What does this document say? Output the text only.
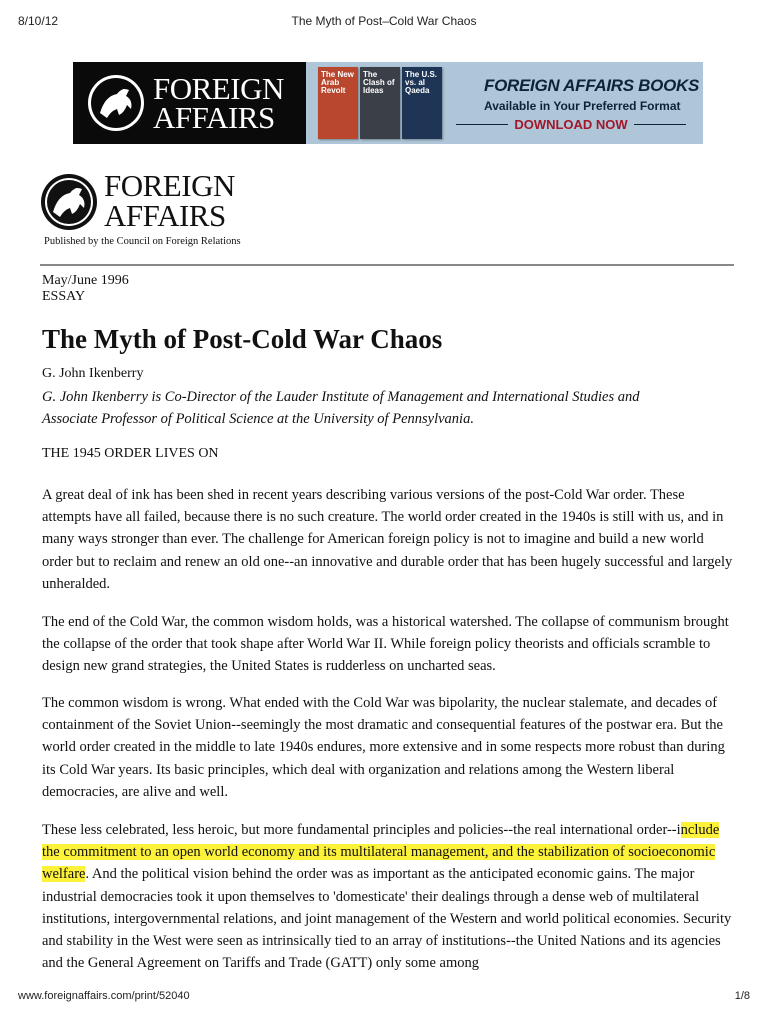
8/10/12	The Myth of Post–Cold War Chaos
FOREIGN
AFFAIRS
The New Arab Revolt
The Clash of Ideas
The U.S. vs. al Qaeda	FOREIGN AFFAIRS BOOKS
Available in Your Preferred Format
DOWNLOAD NOW
FOREIGN
AFFAIRS
Published by the Council on Foreign Relations
May/June 1996
ESSAY
The Myth of Post-Cold War Chaos
G. John Ikenberry
G. John Ikenberry is Co-Director of the Lauder Institute of Management and International Studies and
Associate Professor of Political Science at the University of Pennsylvania.
THE 1945 ORDER LIVES ON

A great deal of ink has been shed in recent years describing various versions of the post-Cold War order. These attempts have all failed, because there is no such creature. The world order created in the 1940s is still with us, and in many ways stronger than ever. The challenge for American foreign policy is not to imagine and build a new world order but to reclaim and renew an old one--an innovative and durable order that has been hugely successful and largely unheralded.

The end of the Cold War, the common wisdom holds, was a historical watershed. The collapse of communism brought the collapse of the order that took shape after World War II. While foreign policy theorists and officials scramble to design new grand strategies, the United States is rudderless on uncharted seas.

The common wisdom is wrong. What ended with the Cold War was bipolarity, the nuclear stalemate, and decades of containment of the Soviet Union--seemingly the most dramatic and consequential features of the postwar era. But the world order created in the middle to late 1940s endures, more extensive and in some respects more robust than during its Cold War years. Its basic principles, which deal with organization and relations among the Western liberal democracies, are alive and well.

These less celebrated, less heroic, but more fundamental principles and policies--the real international order--include the commitment to an open world economy and its multilateral management, and the stabilization of socioeconomic welfare. And the political vision behind the order was as important as the anticipated economic gains. The major industrial democracies took it upon themselves to 'domesticate' their dealings through a dense web of multilateral institutions, intergovernmental relations, and joint management of the Western and world political economies. Security and stability in the West were seen as intrinsically tied to an array of institutions--the United Nations and its agencies and the General Agreement on Tariffs and Trade (GATT) only some among

www.foreignaffairs.com/print/52040	1/8
